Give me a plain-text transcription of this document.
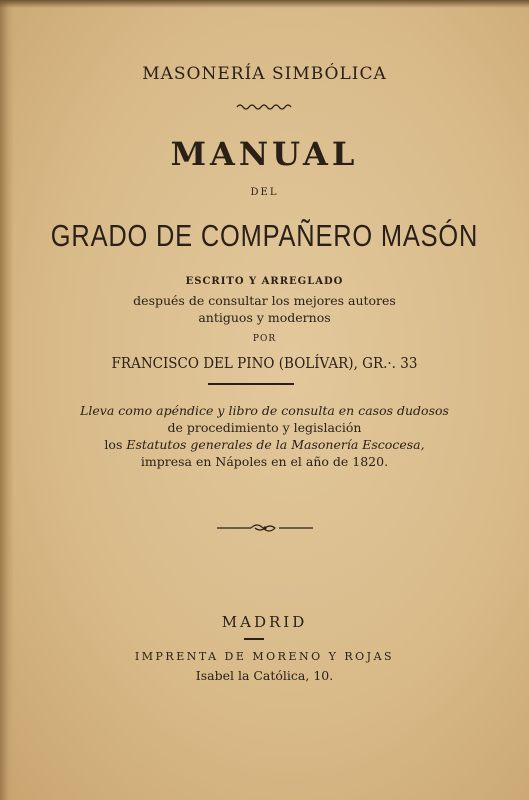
MASONERÍA SIMBÓLICA
MANUAL
DEL
GRADO DE COMPAÑERO MASÓN
ESCRITO Y ARREGLADO
después de consultar los mejores autores
antiguos y modernos
POR
FRANCISCO DEL PINO (BOLÍVAR), GR.·. 33
Lleva como apéndice y libro de consulta en casos dudosos
de procedimiento y legislación
los Estatutos generales de la Masonería Escocesa,
impresa en Nápoles en el año de 1820.
MADRID
IMPRENTA DE MORENO Y ROJAS
Isabel la Católica, 10.
